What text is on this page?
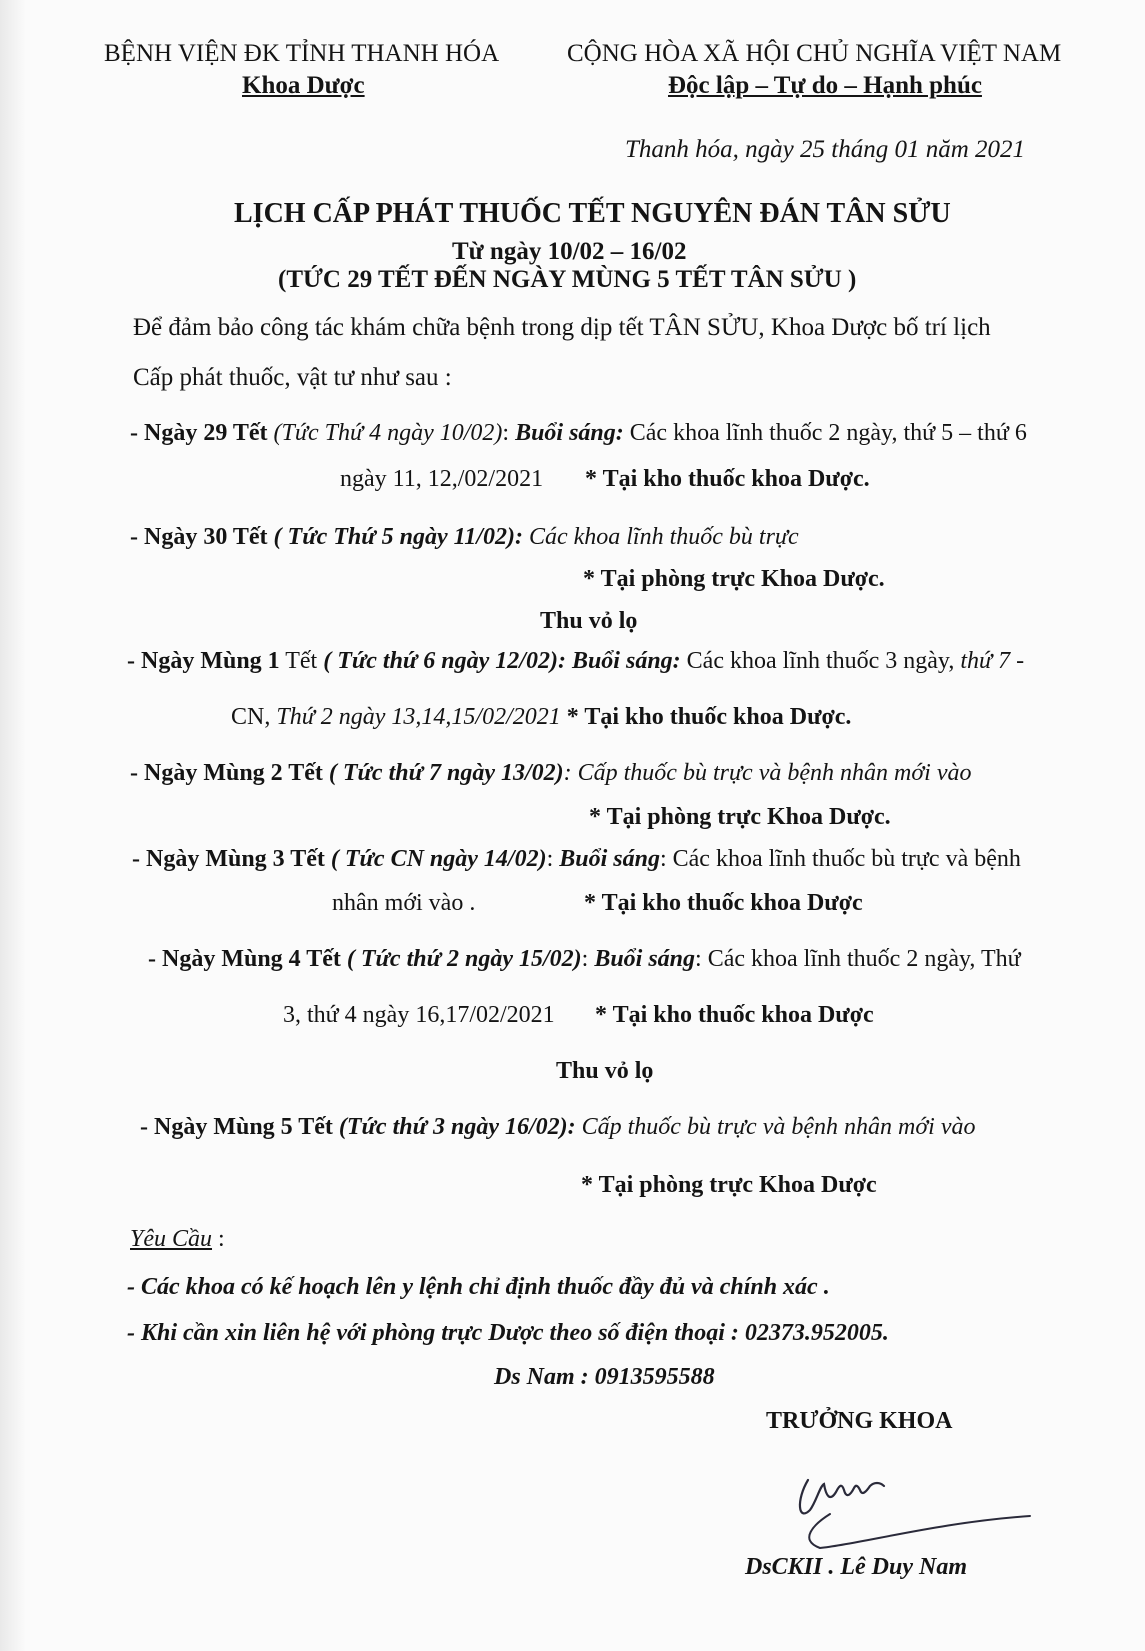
BỆNH VIỆN ĐK TỈNH THANH HÓA
Khoa Dược
CỘNG HÒA XÃ HỘI CHỦ NGHĨA VIỆT NAM
Độc lập – Tự do – Hạnh phúc
Thanh hóa, ngày 25 tháng 01 năm 2021
LỊCH CẤP PHÁT THUỐC TẾT NGUYÊN ĐÁN TÂN SỬU
Từ ngày 10/02 – 16/02
(TỨC 29 TẾT ĐẾN NGÀY MÙNG 5 TẾT TÂN SỬU )
Để đảm bảo công tác khám chữa bệnh trong dịp tết TÂN SỬU, Khoa Dược bố trí lịch
Cấp phát thuốc, vật tư như sau :
- Ngày 29 Tết (Tức Thứ 4 ngày 10/02): Buổi sáng: Các khoa lĩnh thuốc 2 ngày, thứ 5 – thứ 6
ngày 11, 12,/02/2021 * Tại kho thuốc khoa Dược.
- Ngày 30 Tết ( Tức Thứ 5 ngày 11/02): Các khoa lĩnh thuốc bù trực
* Tại phòng trực Khoa Dược.
Thu vỏ lọ
- Ngày Mùng 1 Tết ( Tức thứ 6 ngày 12/02): Buổi sáng: Các khoa lĩnh thuốc 3 ngày, thứ 7 -
CN, Thứ 2 ngày 13,14,15/02/2021 * Tại kho thuốc khoa Dược.
- Ngày Mùng 2 Tết ( Tức thứ 7 ngày 13/02): Cấp thuốc bù trực và bệnh nhân mới vào
* Tại phòng trực Khoa Dược.
- Ngày Mùng 3 Tết ( Tức CN ngày 14/02): Buổi sáng: Các khoa lĩnh thuốc bù trực và bệnh
nhân mới vào .	* Tại kho thuốc khoa Dược
- Ngày Mùng 4 Tết ( Tức thứ 2 ngày 15/02): Buổi sáng: Các khoa lĩnh thuốc 2 ngày, Thứ
3, thứ 4 ngày 16,17/02/2021 * Tại kho thuốc khoa Dược
Thu vỏ lọ
- Ngày Mùng 5 Tết (Tức thứ 3 ngày 16/02): Cấp thuốc bù trực và bệnh nhân mới vào
* Tại phòng trực Khoa Dược
Yêu Cầu :
- Các khoa có kế hoạch lên y lệnh chỉ định thuốc đầy đủ và chính xác .
- Khi cần xin liên hệ với phòng trực Dược theo số điện thoại : 02373.952005.
Ds Nam : 0913595588
TRƯỞNG KHOA
DsCKII . Lê Duy Nam
